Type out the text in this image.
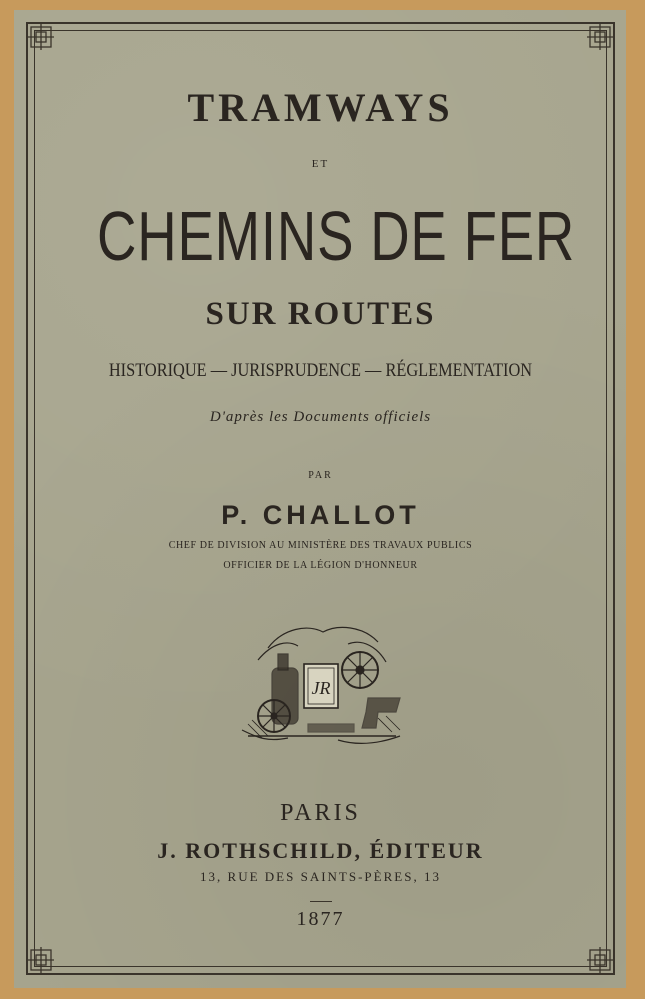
TRAMWAYS
ET
CHEMINS DE FER
SUR ROUTES
HISTORIQUE — JURISPRUDENCE — RÉGLEMENTATION
D'après les Documents officiels
PAR
P. CHALLOT
CHEF DE DIVISION AU MINISTÈRE DES TRAVAUX PUBLICS
OFFICIER DE LA LÉGION D'HONNEUR
JR
PARIS
J. ROTHSCHILD, ÉDITEUR
13, RUE DES SAINTS-PÈRES, 13
1877
